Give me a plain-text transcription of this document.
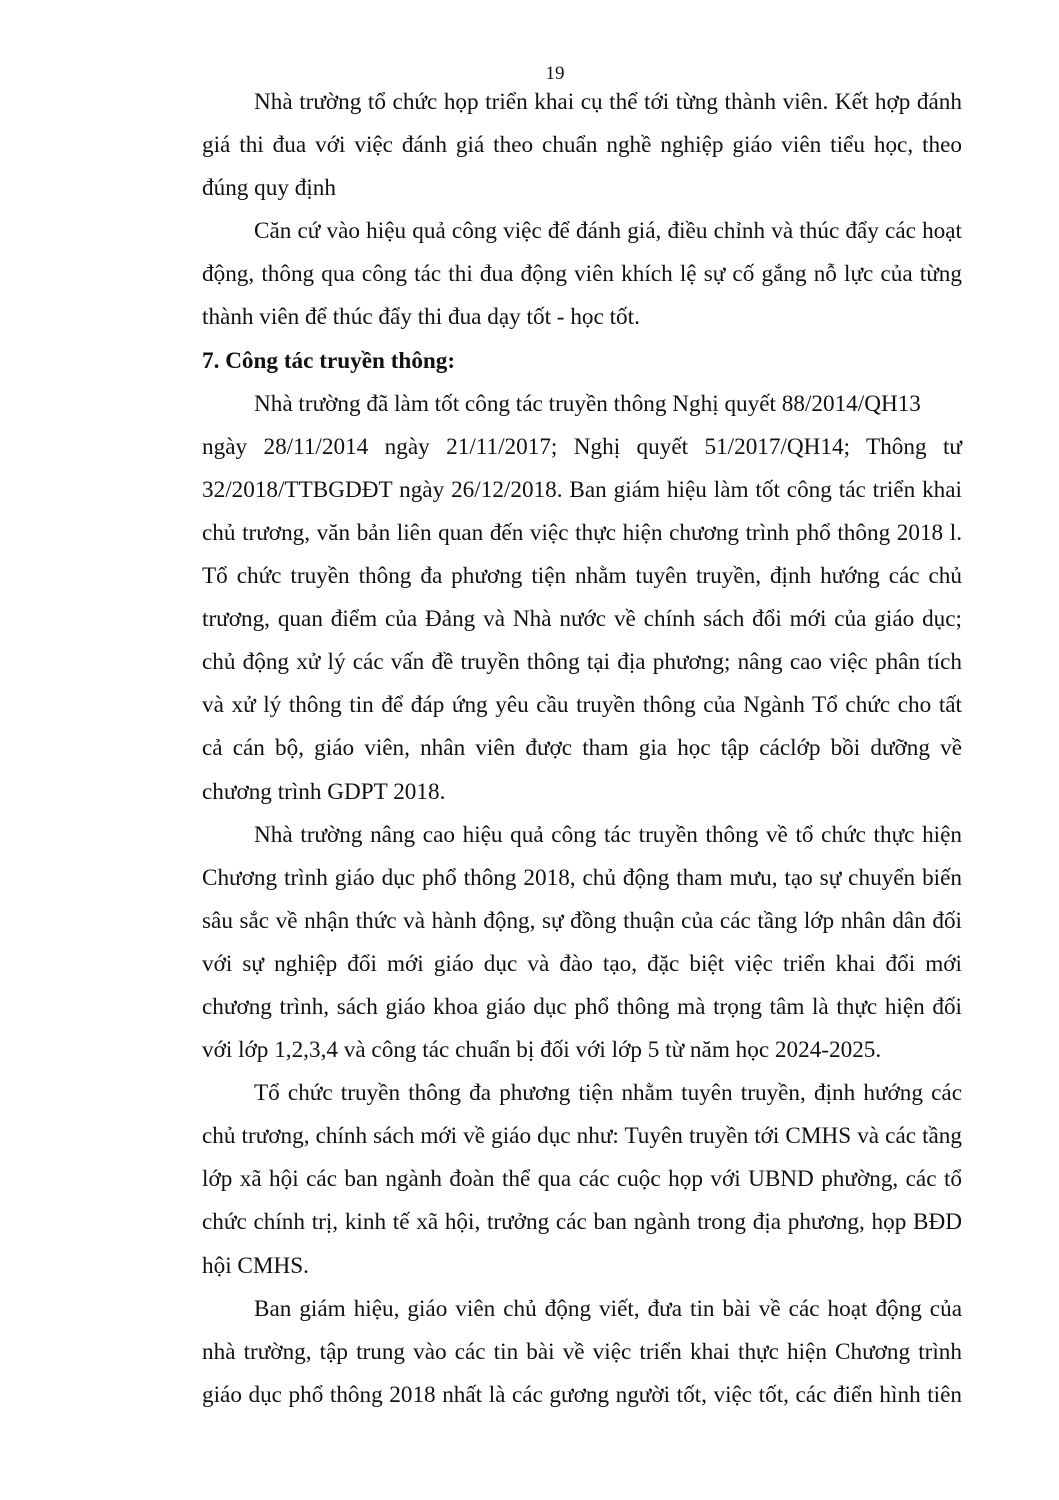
19

Nhà trường tổ chức họp triển khai cụ thể tới từng thành viên. Kết hợp đánh
giá thi đua với việc đánh giá theo chuẩn nghề nghiệp giáo viên tiểu học, theo
đúng quy định

Căn cứ vào hiệu quả công việc để đánh giá, điều chỉnh và thúc đẩy các hoạt
động, thông qua công tác thi đua động viên khích lệ sự cố gắng nỗ lực của từng
thành viên để thúc đẩy thi đua dạy tốt - học tốt.

7. Công tác truyền thông:

Nhà trường đã làm tốt công tác truyền thông Nghị quyết 88/2014/QH13
ngày 28/11/2014 ngày 21/11/2017; Nghị quyết 51/2017/QH14; Thông tư
32/2018/TTBGDĐT ngày 26/12/2018. Ban giám hiệu làm tốt công tác triển khai
chủ trương, văn bản liên quan đến việc thực hiện chương trình phổ thông 2018 l.
Tổ chức truyền thông đa phương tiện nhằm tuyên truyền, định hướng các chủ
trương, quan điểm của Đảng và Nhà nước về chính sách đổi mới của giáo dục;
chủ động xử lý các vấn đề truyền thông tại địa phương; nâng cao việc phân tích
và xử lý thông tin để đáp ứng yêu cầu truyền thông của Ngành Tổ chức cho tất
cả cán bộ, giáo viên, nhân viên được tham gia học tập cáclớp bồi dưỡng về
chương trình GDPT 2018.

Nhà trường nâng cao hiệu quả công tác truyền thông về tổ chức thực hiện
Chương trình giáo dục phổ thông 2018, chủ động tham mưu, tạo sự chuyển biến
sâu sắc về nhận thức và hành động, sự đồng thuận của các tầng lớp nhân dân đối
với sự nghiệp đổi mới giáo dục và đào tạo, đặc biệt việc triển khai đổi mới
chương trình, sách giáo khoa giáo dục phổ thông mà trọng tâm là thực hiện đối
với lớp 1,2,3,4 và công tác chuẩn bị đối với lớp 5 từ năm học 2024-2025.

Tổ chức truyền thông đa phương tiện nhằm tuyên truyền, định hướng các
chủ trương, chính sách mới về giáo dục như: Tuyên truyền tới CMHS và các tầng
lớp xã hội các ban ngành đoàn thể qua các cuộc họp với UBND phường, các tổ
chức chính trị, kinh tế xã hội, trưởng các ban ngành trong địa phương, họp BĐD
hội CMHS.

Ban giám hiệu, giáo viên chủ động viết, đưa tin bài về các hoạt động của
nhà trường, tập trung vào các tin bài về việc triển khai thực hiện Chương trình
giáo dục phổ thông 2018 nhất là các gương người tốt, việc tốt, các điển hình tiên
